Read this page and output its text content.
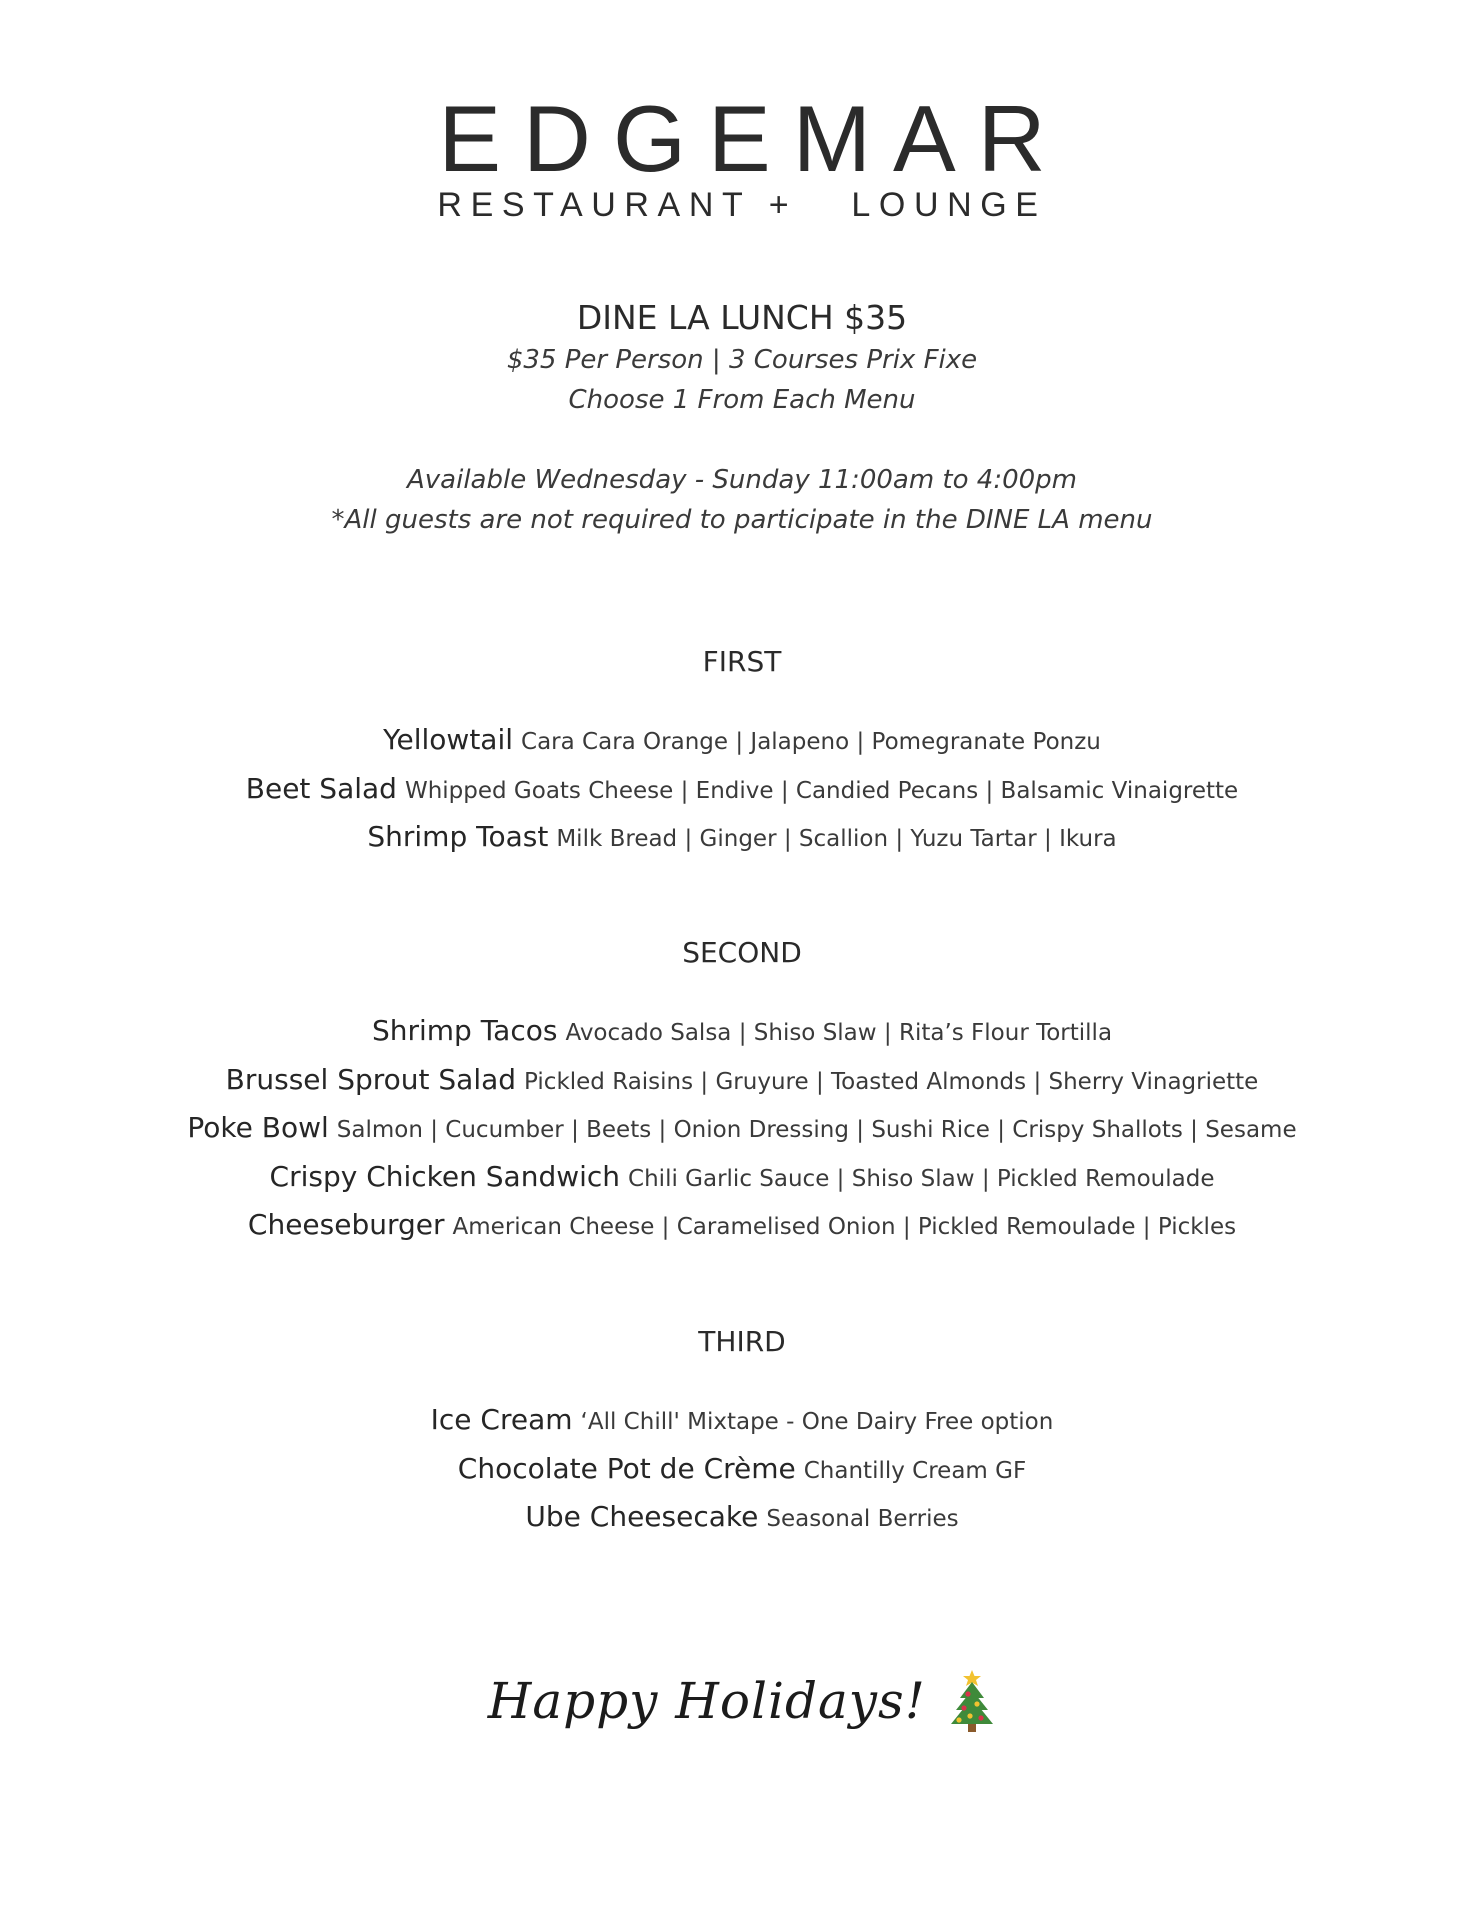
EDGEMAR
RESTAURANT +   LOUNGE
DINE LA LUNCH $35
$35 Per Person | 3 Courses Prix Fixe
Choose 1 From Each Menu
Available Wednesday - Sunday 11:00am to 4:00pm
*All guests are not required to participate in the DINE LA menu
FIRST
Yellowtail Cara Cara Orange | Jalapeno | Pomegranate Ponzu
Beet Salad Whipped Goats Cheese | Endive | Candied Pecans | Balsamic Vinaigrette
Shrimp Toast Milk Bread | Ginger | Scallion | Yuzu Tartar | Ikura
SECOND
Shrimp Tacos Avocado Salsa | Shiso Slaw | Rita’s Flour Tortilla
Brussel Sprout Salad Pickled Raisins | Gruyure | Toasted Almonds | Sherry Vinagriette
Poke Bowl Salmon | Cucumber | Beets | Onion Dressing | Sushi Rice | Crispy Shallots | Sesame
Crispy Chicken Sandwich Chili Garlic Sauce | Shiso Slaw | Pickled Remoulade
Cheeseburger American Cheese | Caramelised Onion | Pickled Remoulade | Pickles
THIRD
Ice Cream ‘All Chill' Mixtape - One Dairy Free option
Chocolate Pot de Crème Chantilly Cream GF
Ube Cheesecake Seasonal Berries
Happy Holidays!
